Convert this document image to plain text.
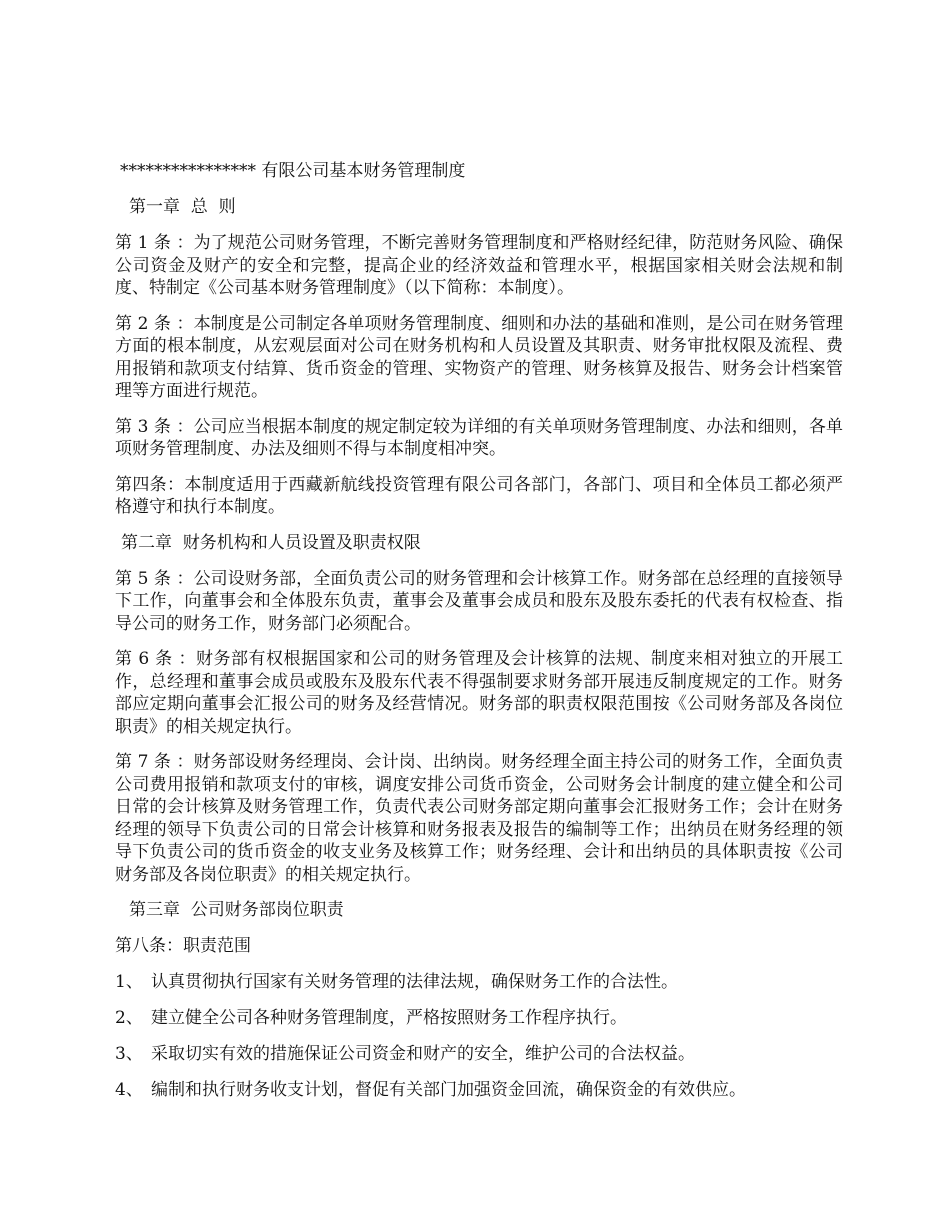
**************** 有限公司基本财务管理制度
第一章  总  则

第 1 条 ：为了规范公司财务管理，不断完善财务管理制度和严格财经纪律，防范财务风险、确保公司资金及财产的安全和完整，提高企业的经济效益和管理水平，根据国家相关财会法规和制度、特制定《公司基本财务管理制度》（以下简称：本制度）。

第 2 条 ：本制度是公司制定各单项财务管理制度、细则和办法的基础和准则，是公司在财务管理方面的根本制度，从宏观层面对公司在财务机构和人员设置及其职责、财务审批权限及流程、费用报销和款项支付结算、货币资金的管理、实物资产的管理、财务核算及报告、财务会计档案管理等方面进行规范。

第 3 条 ：公司应当根据本制度的规定制定较为详细的有关单项财务管理制度、办法和细则，各单项财务管理制度、办法及细则不得与本制度相冲突。

第四条：本制度适用于西藏新航线投资管理有限公司各部门，各部门、项目和全体员工都必须严格遵守和执行本制度。

第二章  财务机构和人员设置及职责权限

第 5 条 ：公司设财务部，全面负责公司的财务管理和会计核算工作。财务部在总经理的直接领导下工作，向董事会和全体股东负责，董事会及董事会成员和股东及股东委托的代表有权检查、指导公司的财务工作，财务部门必须配合。

第 6 条 ：财务部有权根据国家和公司的财务管理及会计核算的法规、制度来相对独立的开展工作，总经理和董事会成员或股东及股东代表不得强制要求财务部开展违反制度规定的工作。财务部应定期向董事会汇报公司的财务及经营情况。财务部的职责权限范围按《公司财务部及各岗位职责》的相关规定执行。

第 7 条 ：财务部设财务经理岗、会计岗、出纳岗。财务经理全面主持公司的财务工作，全面负责公司费用报销和款项支付的审核，调度安排公司货币资金，公司财务会计制度的建立健全和公司日常的会计核算及财务管理工作，负责代表公司财务部定期向董事会汇报财务工作；会计在财务经理的领导下负责公司的日常会计核算和财务报表及报告的编制等工作；出纳员在财务经理的领导下负责公司的货币资金的收支业务及核算工作；财务经理、会计和出纳员的具体职责按《公司财务部及各岗位职责》的相关规定执行。

第三章  公司财务部岗位职责
第八条：职责范围
1、 认真贯彻执行国家有关财务管理的法律法规，确保财务工作的合法性。
2、 建立健全公司各种财务管理制度，严格按照财务工作程序执行。
3、 采取切实有效的措施保证公司资金和财产的安全，维护公司的合法权益。
4、 编制和执行财务收支计划，督促有关部门加强资金回流，确保资金的有效供应。
